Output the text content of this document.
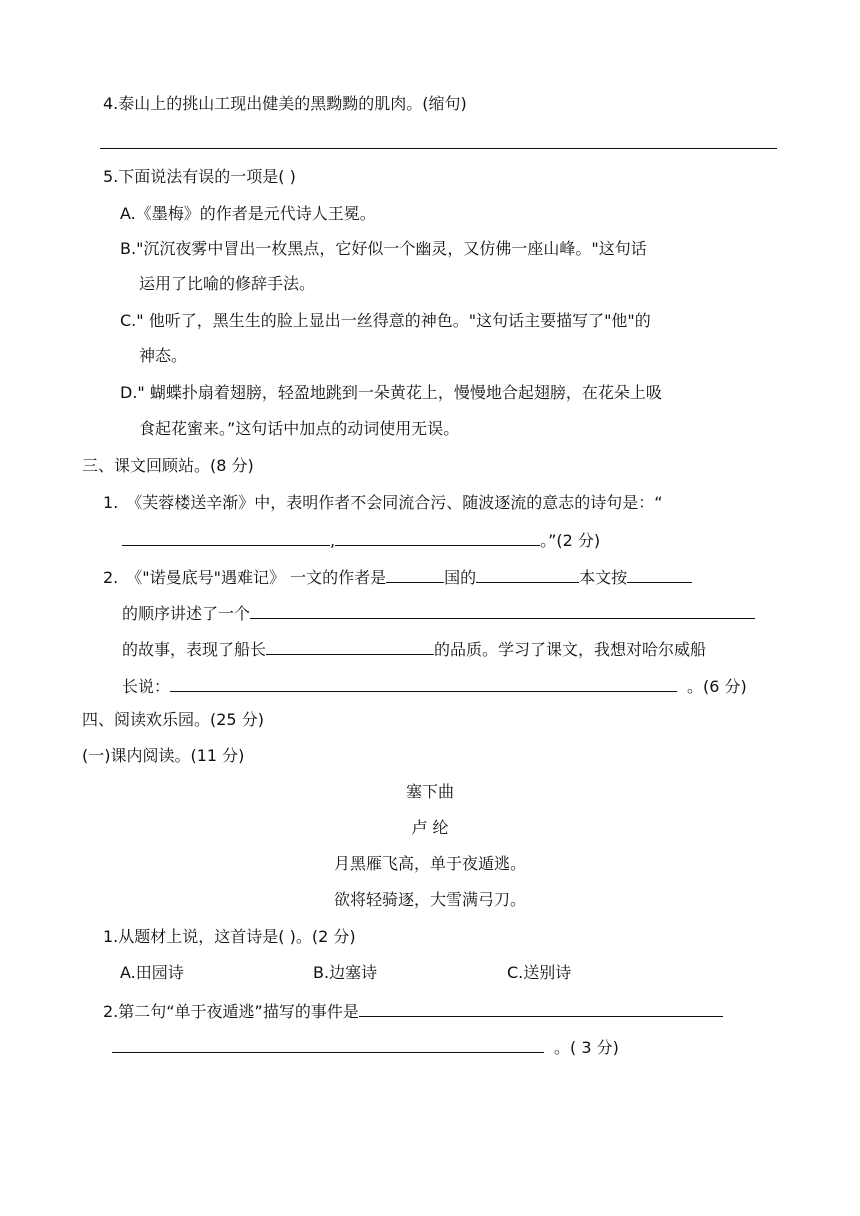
4.泰山上的挑山工现出健美的黑黝黝的肌肉。(缩句)
5.下面说法有误的一项是( )
A.《墨梅》的作者是元代诗人王冕。
B."沉沉夜雾中冒出一枚黑点，它好似一个幽灵，又仿佛一座山峰。"这句话
运用了比喻的修辞手法。
C." 他听了，黑生生的脸上显出一丝得意的神色。"这句话主要描写了"他"的
神态。
D." 蝴蝶扑扇着翅膀，轻盈地跳到一朵黄花上，慢慢地合起翅膀，在花朵上吸
食起花蜜来。”这句话中加点的动词使用无误。
三、课文回顾站。(8 分)
1. 《芙蓉楼送辛渐》中，表明作者不会同流合污、随波逐流的意志的诗句是：“
,	。”(2 分)
2. 《"诺曼底号"遇难记》 一文的作者是	国的	本文按
的顺序讲述了一个
的故事，表现了船长	的品质。学习了课文，我想对哈尔威船
长说：	。(6 分)
四、阅读欢乐园。(25 分)
(一)课内阅读。(11 分)
塞下曲
卢 纶
月黑雁飞高，单于夜遁逃。
欲将轻骑逐，大雪满弓刀。
1.从题材上说，这首诗是( )。(2 分)
A.田园诗	B.边塞诗	C.送别诗
2.第二句“单于夜遁逃”描写的事件是
。( 3 分)
